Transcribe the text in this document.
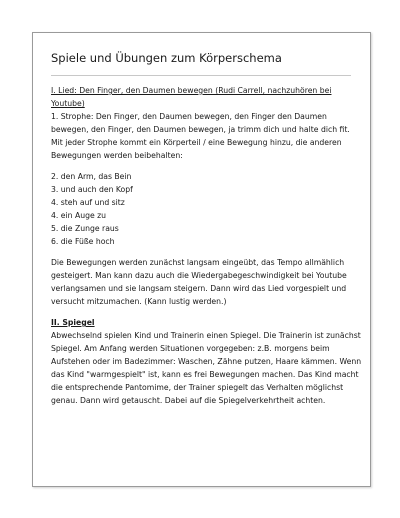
Spiele und Übungen zum Körperschema

I. Lied: Den Finger, den Daumen bewegen (Rudi Carrell, nachzuhören bei Youtube)

1. Strophe: Den Finger, den Daumen bewegen, den Finger den Daumen bewegen, den Finger, den Daumen bewegen, ja trimm dich und halte dich fit.

Mit jeder Strophe kommt ein Körperteil / eine Bewegung hinzu, die anderen Bewegungen werden beibehalten:

2. den Arm, das Bein
3. und auch den Kopf
4. steh auf und sitz
4. ein Auge zu
5. die Zunge raus
6. die Füße hoch

Die Bewegungen werden zunächst langsam eingeübt, das Tempo allmählich gesteigert. Man kann dazu auch die Wiedergabegeschwindigkeit bei Youtube verlangsamen und sie langsam steigern. Dann wird das Lied vorgespielt und versucht mitzumachen. (Kann lustig werden.)

II. Spiegel

Abwechselnd spielen Kind und Trainerin einen Spiegel. Die Trainerin ist zunächst Spiegel. Am Anfang werden Situationen vorgegeben: z.B. morgens beim Aufstehen oder im Badezimmer: Waschen, Zähne putzen, Haare kämmen. Wenn das Kind "warmgespielt" ist, kann es frei Bewegungen machen. Das Kind macht die entsprechende Pantomime, der Trainer spiegelt das Verhalten möglichst genau. Dann wird getauscht. Dabei auf die Spiegelverkehrtheit achten.
